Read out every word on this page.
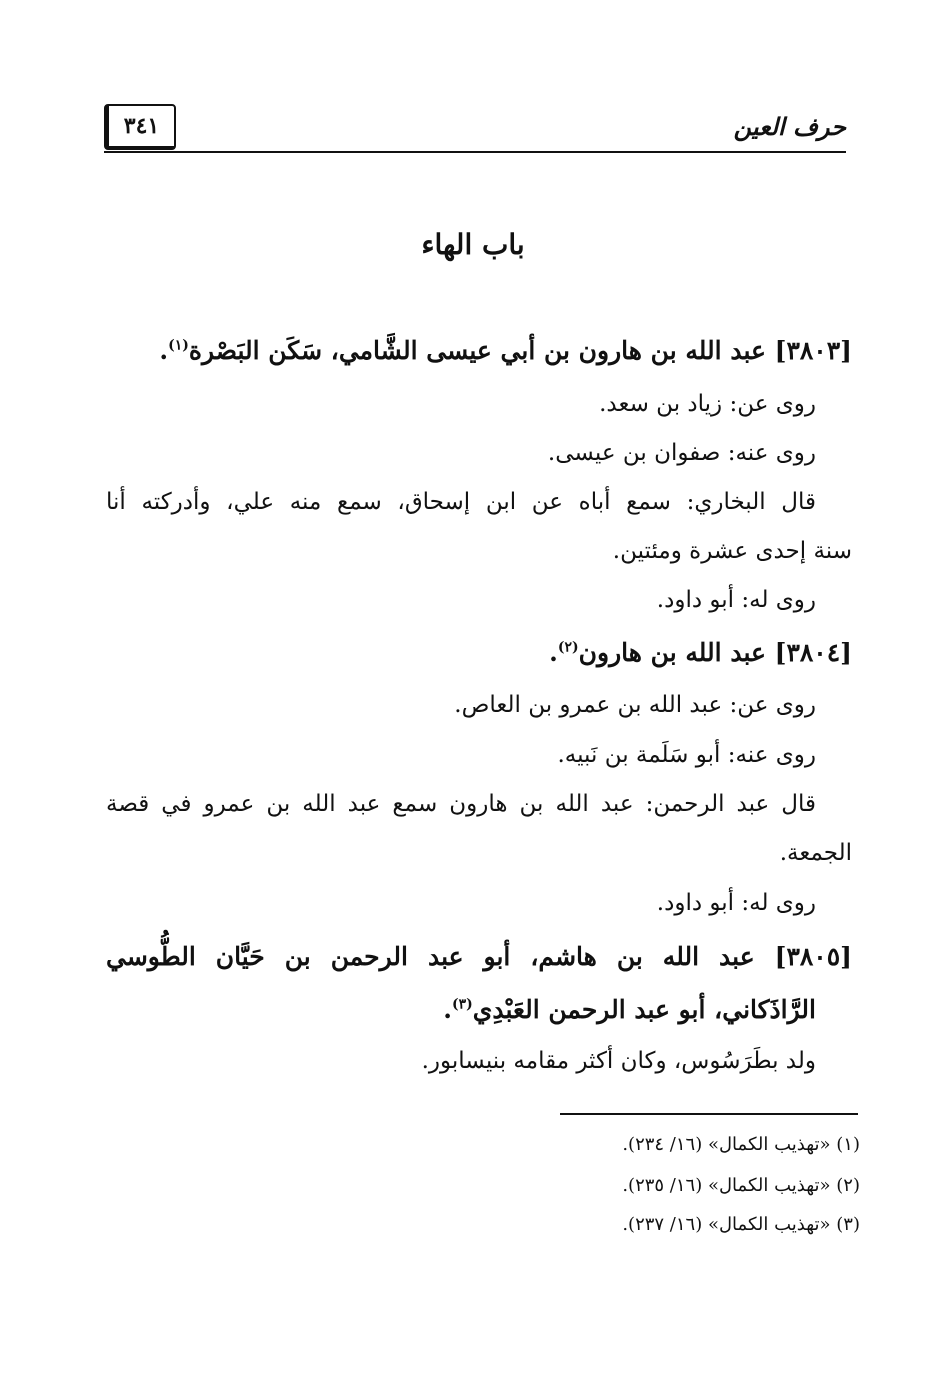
حرف العين
٣٤١
باب الهاء
[٣٨٠٣] عبد الله بن هارون بن أبي عيسى الشَّامي، سَكَن البَصْرة$^{(١)}$.
روى عن: زياد بن سعد.
روى عنه: صفوان بن عيسى.
قال البخاري: سمع أباه عن ابن إسحاق، سمع منه علي، وأدركته أنا
سنة إحدى عشرة ومئتين.
روى له: أبو داود.
[٣٨٠٤] عبد الله بن هارون$^{(٢)}$.
روى عن: عبد الله بن عمرو بن العاص.
روى عنه: أبو سَلَمة بن نَبيه.
قال عبد الرحمن: عبد الله بن هارون سمع عبد الله بن عمرو في قصة
الجمعة.
روى له: أبو داود.
[٣٨٠٥] عبد الله بن هاشم، أبو عبد الرحمن بن حَيَّان الطُّوسي
الرَّاذَكاني، أبو عبد الرحمن العَبْدِي$^{(٣)}$.
ولد بطَرَسُوس، وكان أكثر مقامه بنيسابور.
(١) «تهذيب الكمال» (١٦/ ٢٣٤).
(٢) «تهذيب الكمال» (١٦/ ٢٣٥).
(٣) «تهذيب الكمال» (١٦/ ٢٣٧).
